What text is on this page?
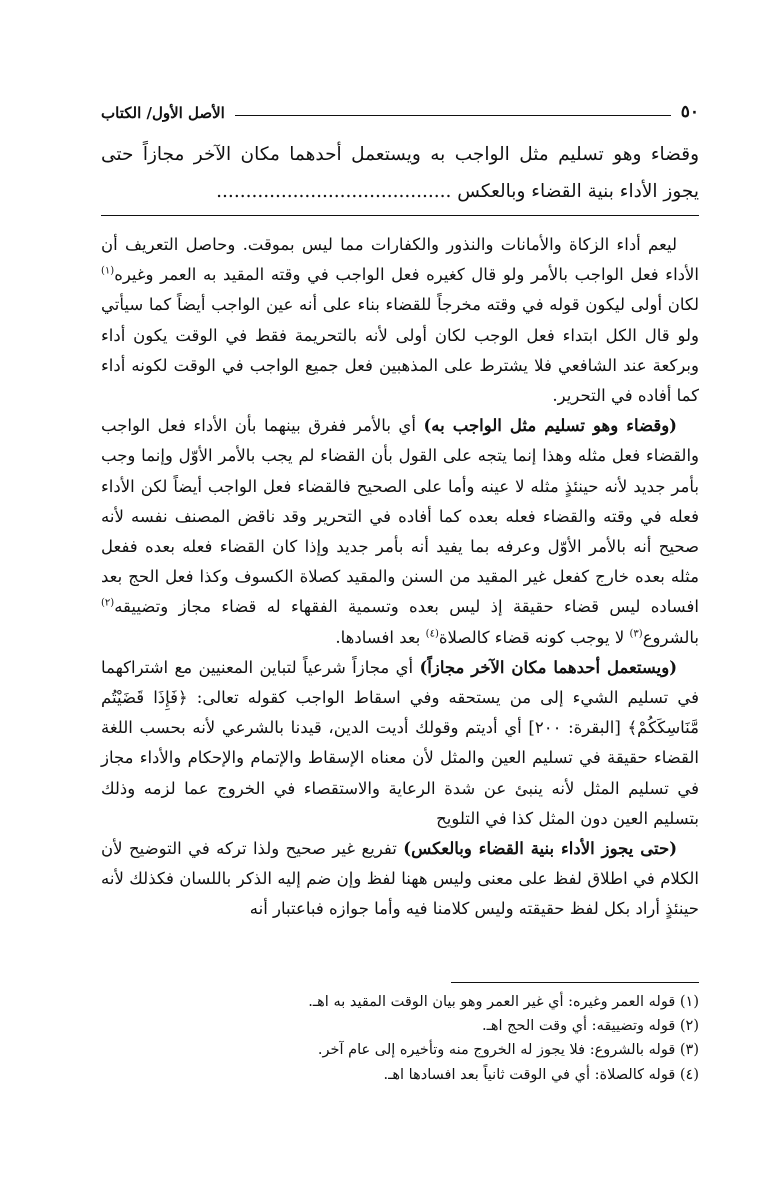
٥٠
الأصل الأول/ الكتاب
وقضاء وهو تسليم مثل الواجب به ويستعمل أحدهما مكان الآخر مجازاً حتى يجوز الأداء بنية القضاء وبالعكس ........................................

ليعم أداء الزكاة والأمانات والنذور والكفارات مما ليس بموقت. وحاصل التعريف أن الأداء فعل الواجب بالأمر ولو قال كغيره فعل الواجب في وقته المقيد به العمر وغيره$^{(١)}$ لكان أولى ليكون قوله في وقته مخرجاً للقضاء بناء على أنه عين الواجب أيضاً كما سيأتي ولو قال الكل ابتداء فعل الوجب لكان أولى لأنه بالتحريمة فقط في الوقت يكون أداء وبركعة عند الشافعي فلا يشترط على المذهبين فعل جميع الواجب في الوقت لكونه أداء كما أفاده في التحرير.

(وقضاء وهو تسليم مثل الواجب به) أي بالأمر ففرق بينهما بأن الأداء فعل الواجب والقضاء فعل مثله وهذا إنما يتجه على القول بأن القضاء لم يجب بالأمر الأوّل وإنما وجب بأمر جديد لأنه حينئذٍ مثله لا عينه وأما على الصحيح فالقضاء فعل الواجب أيضاً لكن الأداء فعله في وقته والقضاء فعله بعده كما أفاده في التحرير وقد ناقض المصنف نفسه لأنه صحيح أنه بالأمر الأوّل وعرفه بما يفيد أنه بأمر جديد وإذا كان القضاء فعله بعده ففعل مثله بعده خارج كفعل غير المقيد من السنن والمقيد كصلاة الكسوف وكذا فعل الحج بعد افساده ليس قضاء حقيقة إذ ليس بعده وتسمية الفقهاء له قضاء مجاز وتضييقه$^{(٢)}$ بالشروع$^{(٣)}$ لا يوجب كونه قضاء كالصلاة$^{(٤)}$ بعد افسادها.

(ويستعمل أحدهما مكان الآخر مجازاً) أي مجازاً شرعياً لتباين المعنيين مع اشتراكهما في تسليم الشيء إلى من يستحقه وفي اسقاط الواجب كقوله تعالى: ﴿فَإِذَا قَضَيْتُم مَّنَاسِكَكُمْ﴾ [البقرة: ٢٠٠] أي أديتم وقولك أديت الدين، قيدنا بالشرعي لأنه بحسب اللغة القضاء حقيقة في تسليم العين والمثل لأن معناه الإسقاط والإتمام والإحكام والأداء مجاز في تسليم المثل لأنه ينبئ عن شدة الرعاية والاستقصاء في الخروج عما لزمه وذلك بتسليم العين دون المثل كذا في التلويح

(حتى يجوز الأداء بنية القضاء وبالعكس) تفريع غير صحيح ولذا تركه في التوضيح لأن الكلام في اطلاق لفظ على معنى وليس ههنا لفظ وإن ضم إليه الذكر باللسان فكذلك لأنه حينئذٍ أراد بكل لفظ حقيقته وليس كلامنا فيه وأما جوازه فباعتبار أنه

(١) قوله العمر وغيره: أي غير العمر وهو بيان الوقت المقيد به اهـ.
(٢) قوله وتضييقه: أي وقت الحج اهـ.
(٣) قوله بالشروع: فلا يجوز له الخروج منه وتأخيره إلى عام آخر.
(٤) قوله كالصلاة: أي في الوقت ثانياً بعد افسادها اهـ.
